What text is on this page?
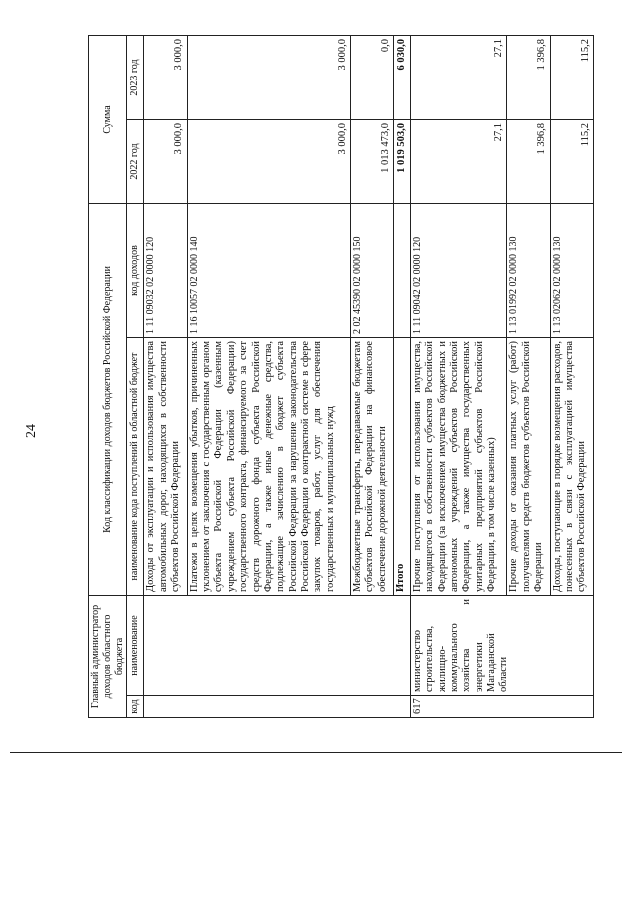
24
Главный администратор доходов областного бюджета		Код классификации доходов бюджетов Российской Федерации		Сумма	
код	наименование	наименование кода поступлений в областной бюджет	код доходов		
				2022 год	2023 год
		Доходы от эксплуатации и использования имущества автомобильных дорог, находящихся в собственности субъектов Российской Федерации	1 11 09032 02 0000 120	3 000,0	3 000,0
		Платежи в целях возмещения убытков, причиненных уклонением от заключения с государственным органом субъекта Российской Федерации (казенным учреждением субъекта Российской Федерации) государственного контракта, финансируемого за счет средств дорожного фонда субъекта Российской Федерации, а также иные денежные средства, подлежащие зачислению в бюджет субъекта Российской Федерации за нарушение законодательства Российской Федерации о контрактной системе в сфере закупок товаров, работ, услуг для обеспечения государственных и муниципальных нужд	1 16 10057 02 0000 140	3 000,0	3 000,0
		Межбюджетные трансферты, передаваемые бюджетам субъектов Российской Федерации на финансовое обеспечение дорожной деятельности	2 02 45390 02 0000 150	1 013 473,0	0,0
		Итого		1 019 503,0	6 030,0
617	министерство строительства, жилищно-коммунального хозяйства и энергетики Магаданской области	Прочие поступления от использования имущества, находящегося в собственности субъектов Российской Федерации (за исключением имущества бюджетных и автономных учреждений субъектов Российской Федерации, а также имущества государственных унитарных предприятий субъектов Российской Федерации, в том числе казенных)	1 11 09042 02 0000 120	27,1	27,1
		Прочие доходы от оказания платных услуг (работ) получателями средств бюджетов субъектов Российской Федерации	1 13 01992 02 0000 130	1 396,8	1 396,8
		Доходы, поступающие в порядке возмещения расходов, понесенных в связи с эксплуатацией имущества субъектов Российской Федерации	1 13 02062 02 0000 130	115,2	115,2
